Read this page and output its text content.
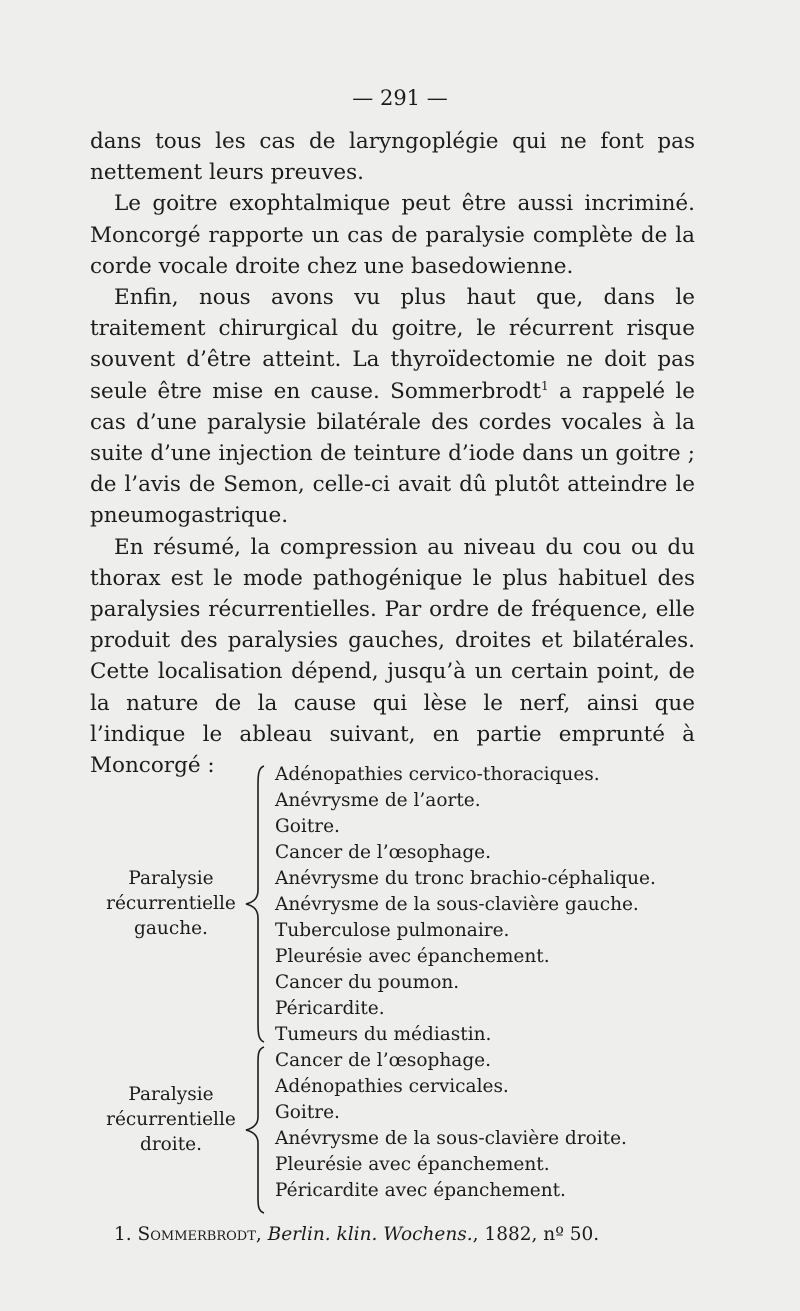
— 291 —

dans tous les cas de laryngoplégie qui ne font pas nettement leurs preuves.

Le goitre exophtalmique peut être aussi incriminé. Moncorgé rapporte un cas de paralysie complète de la corde vocale droite chez une basedowienne.

Enfin, nous avons vu plus haut que, dans le traitement chirurgical du goitre, le récurrent risque souvent d’être atteint. La thyroïdectomie ne doit pas seule être mise en cause. Sommerbrodt$^1$ a rappelé le cas d’une paralysie bilatérale des cordes vocales à la suite d’une injection de teinture d’iode dans un goitre ; de l’avis de Semon, celle-ci avait dû plutôt atteindre le pneumogastrique.

En résumé, la compression au niveau du cou ou du thorax est le mode pathogénique le plus habituel des paralysies récurrentielles. Par ordre de fréquence, elle produit des paralysies gauches, droites et bilatérales. Cette localisation dépend, jusqu’à un certain point, de la nature de la cause qui lèse le nerf, ainsi que l’indique le ableau suivant, en partie emprunté à Moncorgé :

Paralysie
récurrentielle
gauche.
Paralysie
récurrentielle
droite.
Adénopathies cervico-thoraciques.
Anévrysme de l’aorte.
Goitre.
Cancer de l’œsophage.
Anévrysme du tronc brachio-céphalique.
Anévrysme de la sous-clavière gauche.
Tuberculose pulmonaire.
Pleurésie avec épanchement.
Cancer du poumon.
Péricardite.
Tumeurs du médiastin.
Cancer de l’œsophage.
Adénopathies cervicales.
Goitre.
Anévrysme de la sous-clavière droite.
Pleurésie avec épanchement.
Péricardite avec épanchement.
1. Sommerbrodt, Berlin. klin. Wochens., 1882, nº 50.
